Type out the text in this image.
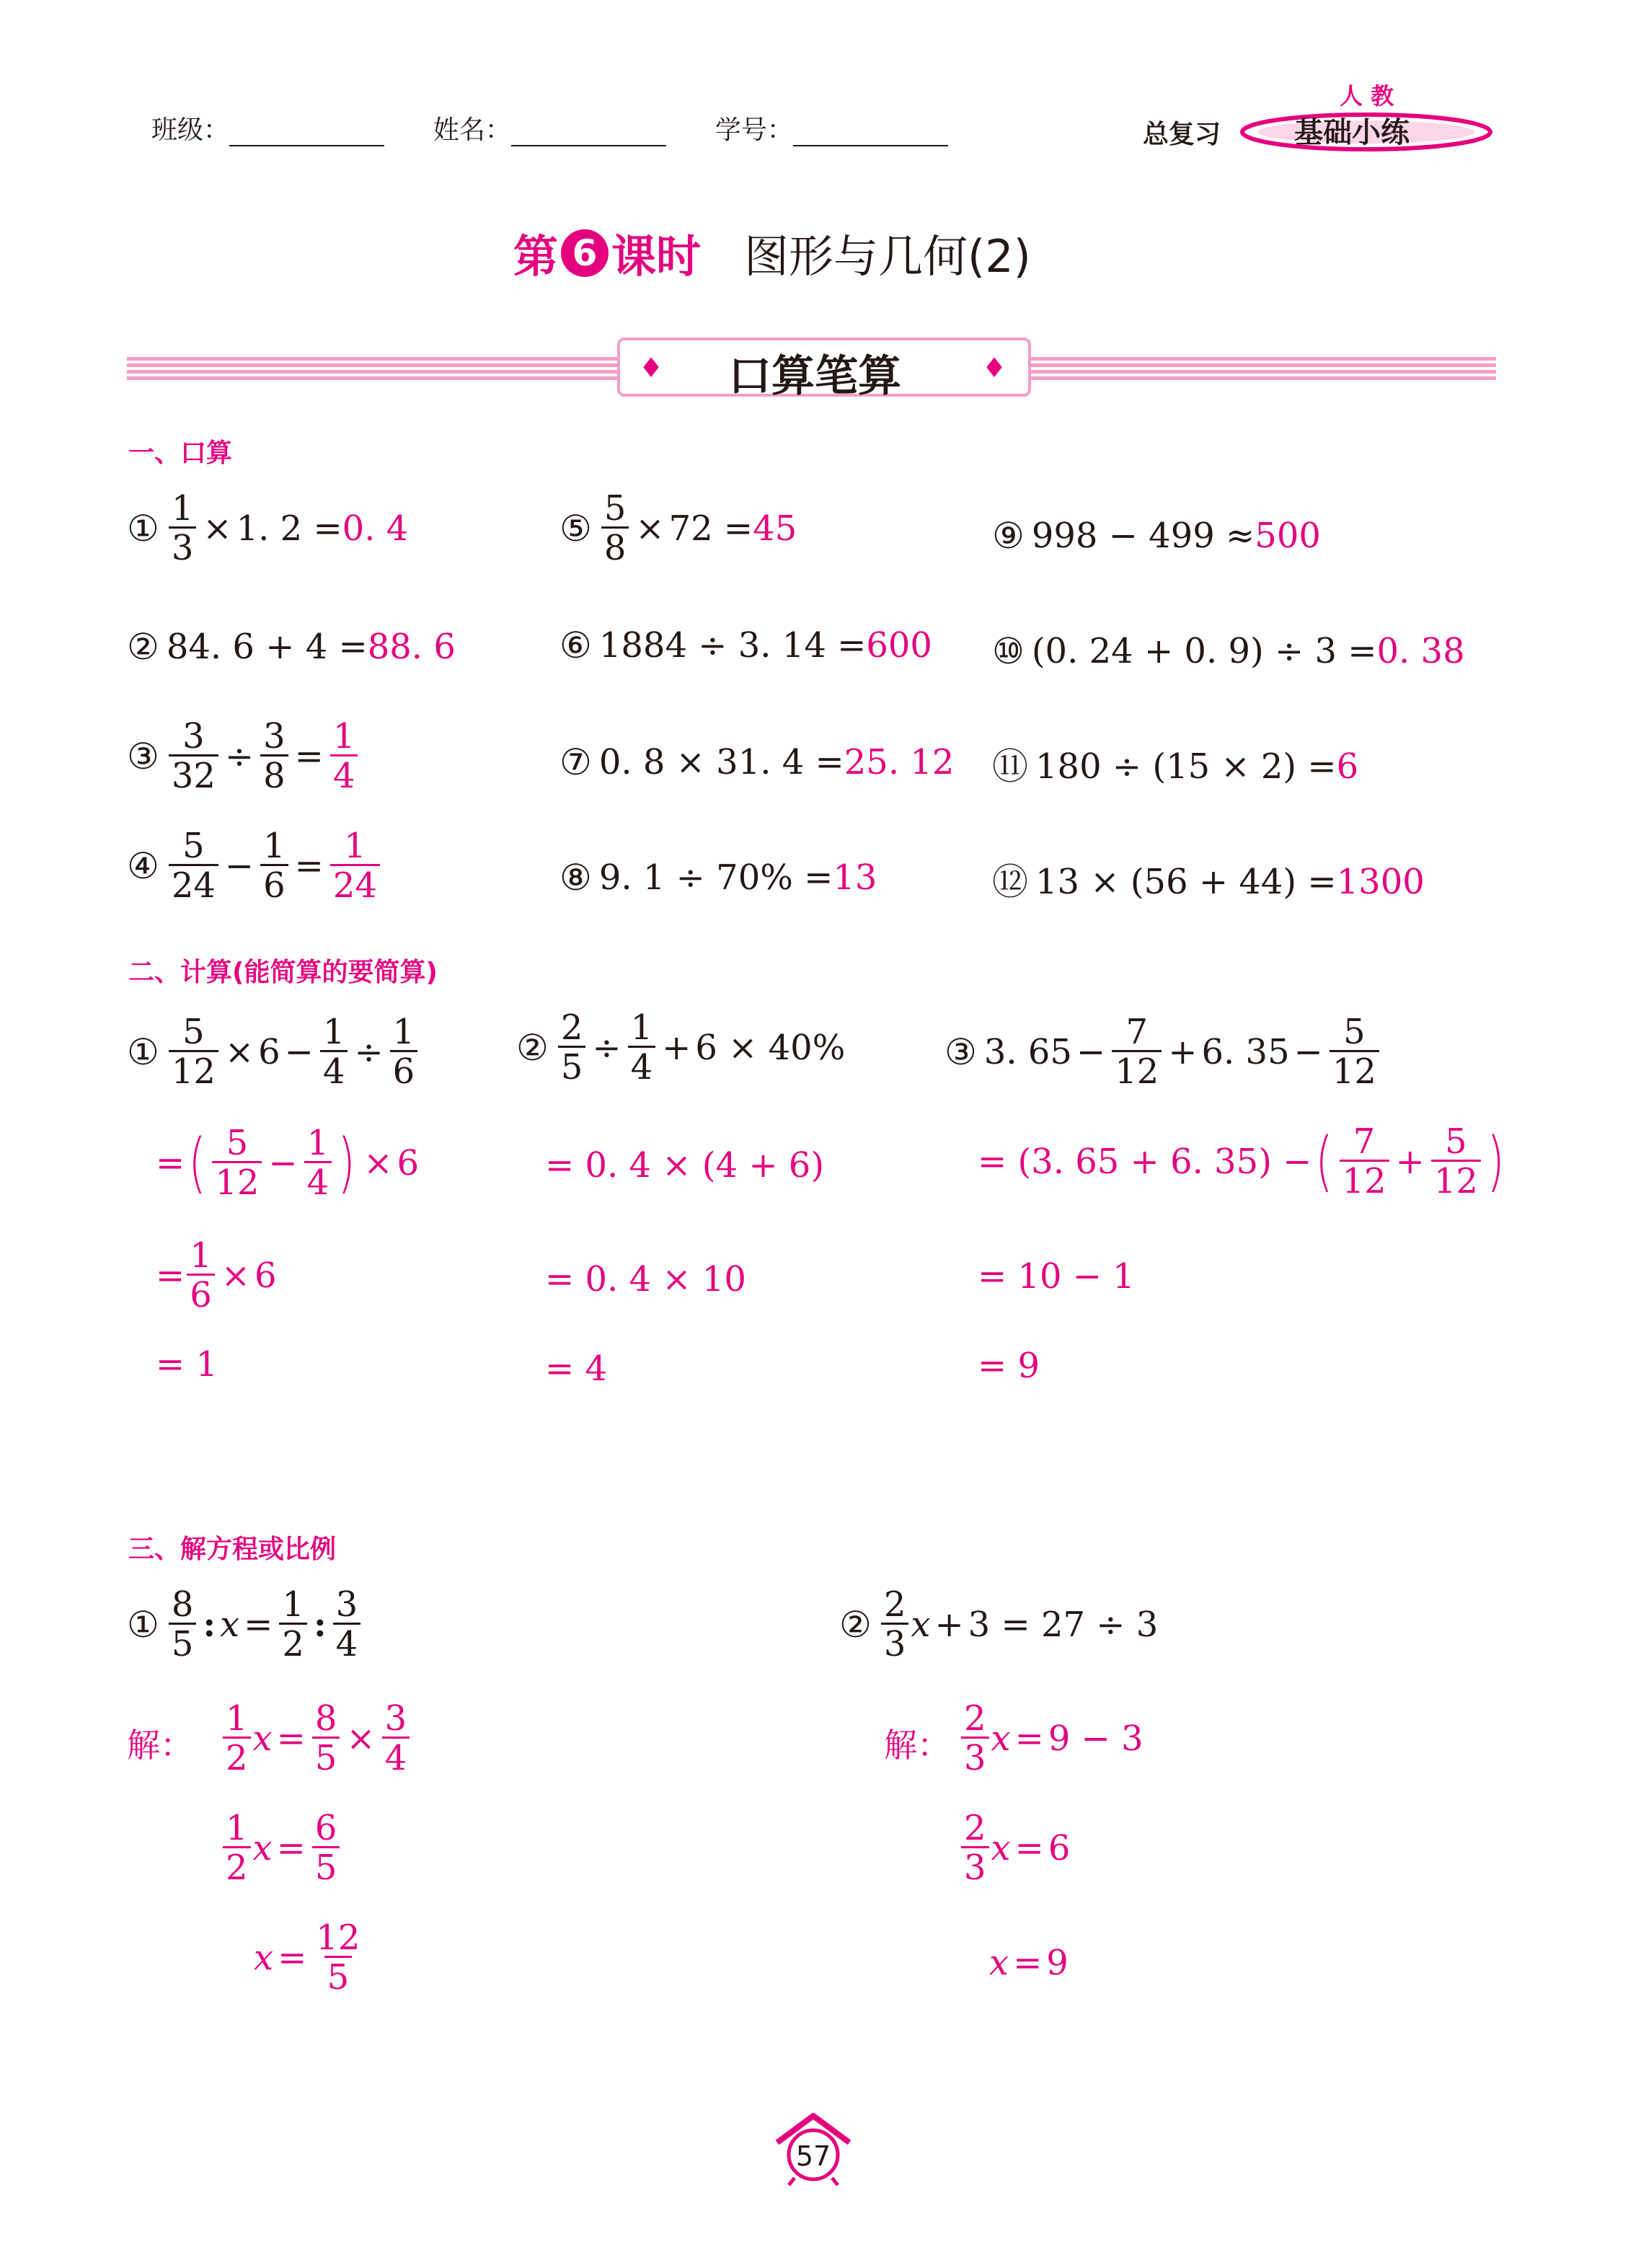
班级：	姓名：	学号：	总复习
人 教
基础小练
第 6 课时 图形与几何(2)
♦ 口算笔算	♦
一、口算
① $\frac{1}{3} \times 1$. 2 = 0. 4
② 84. 6 + 4 = 88. 6
③ $\frac{3}{32} \div \frac{3}{8} = \frac{1}{4}$
④ $\frac{5}{24} - \frac{1}{6} = \frac{1}{24}$
⑤ $\frac{5}{8} \times 72 = 45$
⑥ 1884 ÷ 3. 14 = 600
⑦ 0. 8 × 31. 4 = 25. 12
⑧ 9. 1 ÷ 70% = 13
⑨ 998 − 499 ≈ 500
⑩ (0. 24 + 0. 9) ÷ 3 = 0. 38
⑪ 180 ÷ (15 × 2) = 6
⑫ 13 × (56 + 44) = 1300
二、计算(能简算的要简算)
① $\frac{5}{12} \times 6 - \frac{1}{4} \div \frac{1}{6}$
= ( $\frac{5}{12} - \frac{1}{4}$ ) × 6
= $\frac{1}{6} \times 6$
= 1
② $\frac{2}{5} \div \frac{1}{4} + 6 \times 40\%$
= 0. 4 × (4 + 6)
= 0. 4 × 10
= 4
③ 3. $65 - \frac{7}{12} + 6$. $35 - \frac{5}{12}$
= (3. 65 + 6. 35) − ( $\frac{7}{12} + \frac{5}{12}$ )
= 10 − 1
= 9
三、解方程或比例
① $\frac{8}{5}$ : $x = \frac{1}{2}$ : $\frac{3}{4}$
解： $\frac{1}{2}$ $x = \frac{8}{5} \times \frac{3}{4}$
$\frac{1}{2}$ $x = \frac{6}{5}$
$x = \frac{12}{5}$
② $\frac{2}{3}$ x + 3 = 27 ÷ 3
解： $\frac{2}{3}$ x = 9 − 3
$\frac{2}{3}$ x = 6
x = 9
57
